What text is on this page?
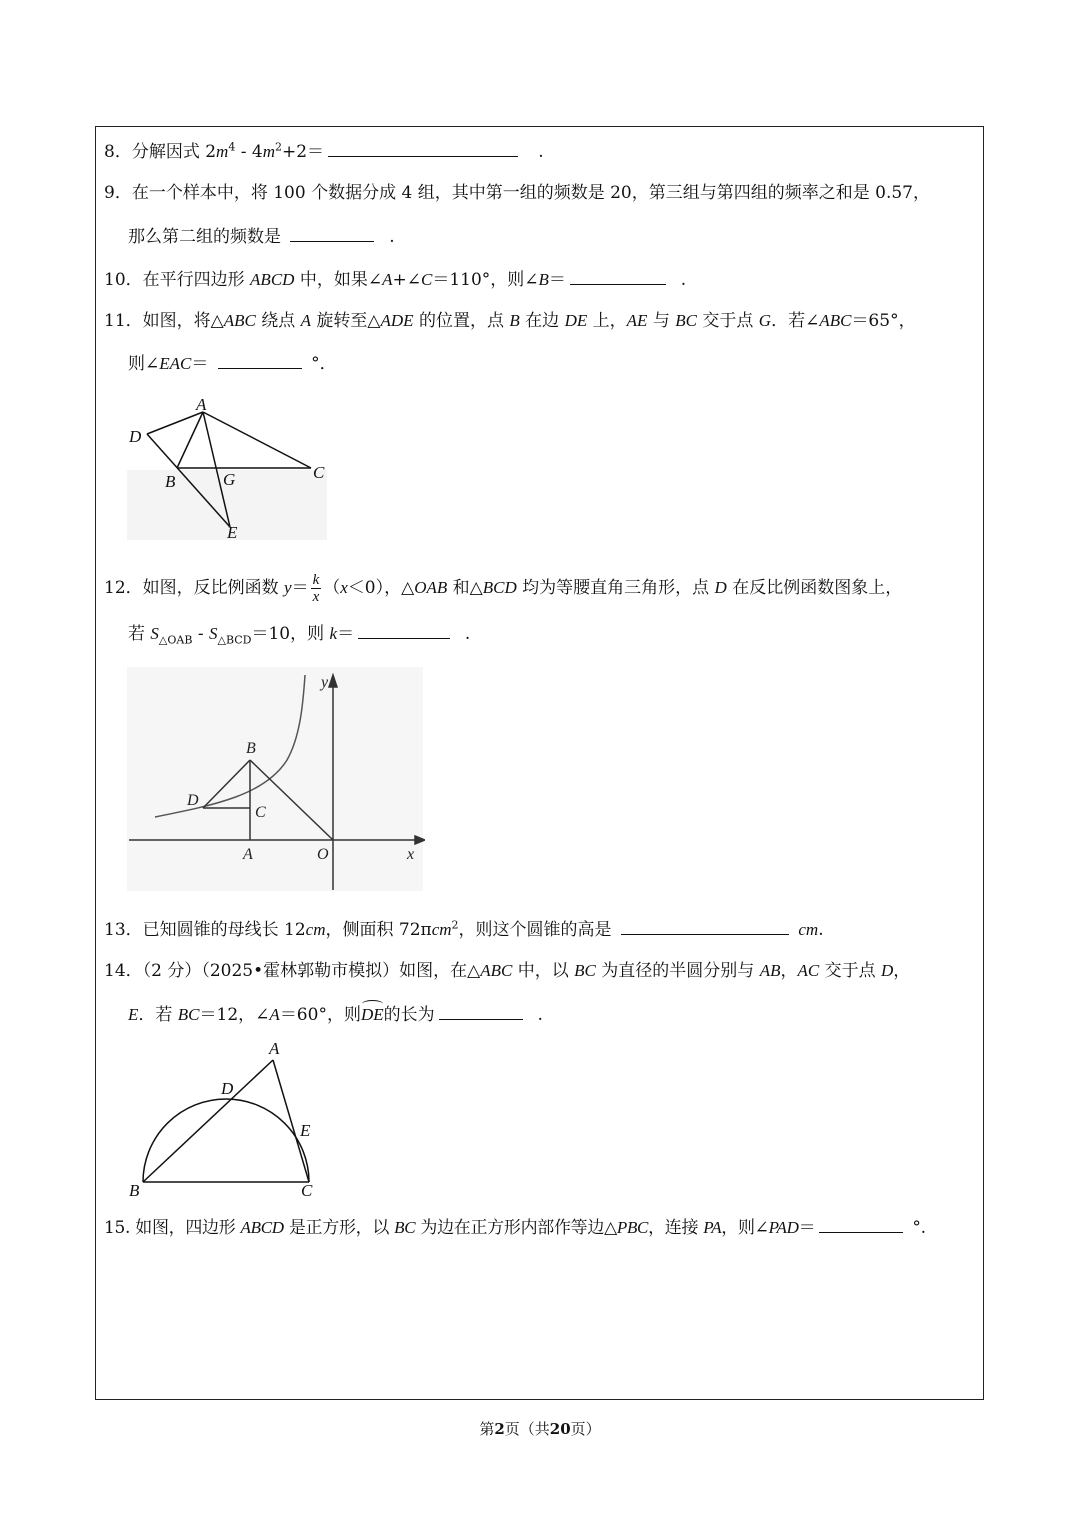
8．分解因式 $2m^4 - 4m^2+2=$	.
9．在一个样本中，将 100 个数据分成 4 组，其中第一组的频数是 20，第三组与第四组的频率之和是 0.57，
那么第二组的频数是	.
10．在平行四边形 ABCD 中，如果∠A+∠C＝110°，则∠B＝	.
11．如图，将△ABC 绕点 A 旋转至△ADE 的位置，点 B 在边 DE 上，AE 与 BC 交于点 G．若∠ABC＝65°，
则∠EAC＝	°．
A
D
B	G	C
E
12．如图，反比例函数 $y= \frac{k}{x} (x<0)$，△OAB 和△BCD 均为等腰直角三角形，点 D 在反比例函数图象上，
若 $S_{\triangle OAB} - S_{\triangle BCD}=10$，则 k＝	.
y
x
B
C
D
A	O
13．已知圆锥的母线长 12cm，侧面积 72πcm$^2$，则这个圆锥的高是	cm.
14．（2 分）（2025•霍林郭勒市模拟）如图，在△ABC 中，以 BC 为直径的半圆分别与 AB，AC 交于点 D，
E．若 BC＝12，∠A＝60°，则DE的长为	.
A
D
E
B	C
15. 如图，四边形 ABCD 是正方形，以 BC 为边在正方形内部作等边△PBC，连接 PA，则∠PAD＝	°.
第2页（共20页）
